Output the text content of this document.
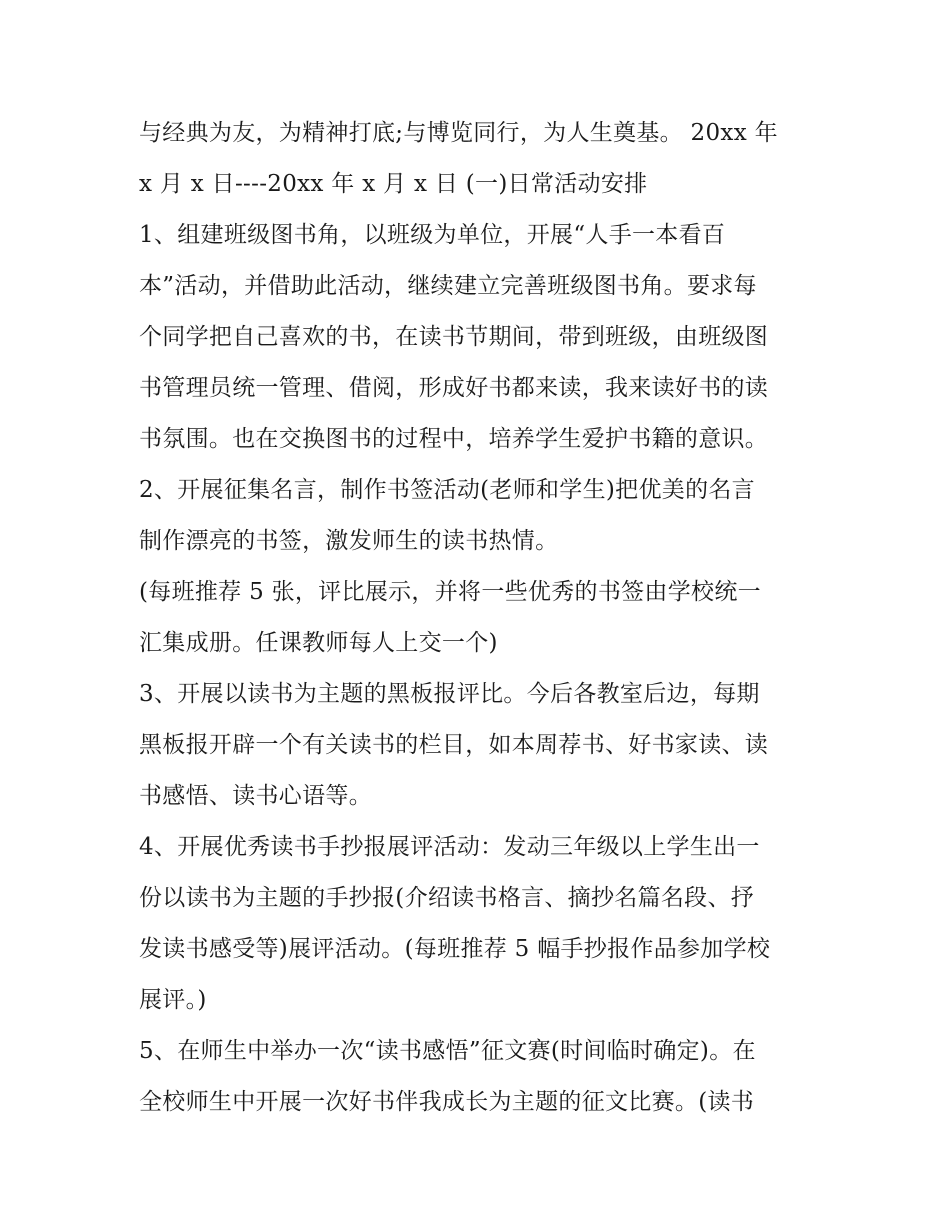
与经典为友，为精神打底;与博览同行，为人生奠基。 20xx 年
x 月 x 日----20xx 年 x 月 x 日 (一)日常活动安排
1、组建班级图书角，以班级为单位，开展“人手一本看百
本”活动，并借助此活动，继续建立完善班级图书角。要求每
个同学把自己喜欢的书，在读书节期间，带到班级，由班级图
书管理员统一管理、借阅，形成好书都来读，我来读好书的读
书氛围。也在交换图书的过程中，培养学生爱护书籍的意识。
2、开展征集名言，制作书签活动(老师和学生)把优美的名言
制作漂亮的书签，激发师生的读书热情。
(每班推荐 5 张，评比展示，并将一些优秀的书签由学校统一
汇集成册。任课教师每人上交一个)
3、开展以读书为主题的黑板报评比。今后各教室后边，每期
黑板报开辟一个有关读书的栏目，如本周荐书、好书家读、读
书感悟、读书心语等。
4、开展优秀读书手抄报展评活动：发动三年级以上学生出一
份以读书为主题的手抄报(介绍读书格言、摘抄名篇名段、抒
发读书感受等)展评活动。(每班推荐 5 幅手抄报作品参加学校
展评。)
5、在师生中举办一次“读书感悟”征文赛(时间临时确定)。在
全校师生中开展一次好书伴我成长为主题的征文比赛。(读书
